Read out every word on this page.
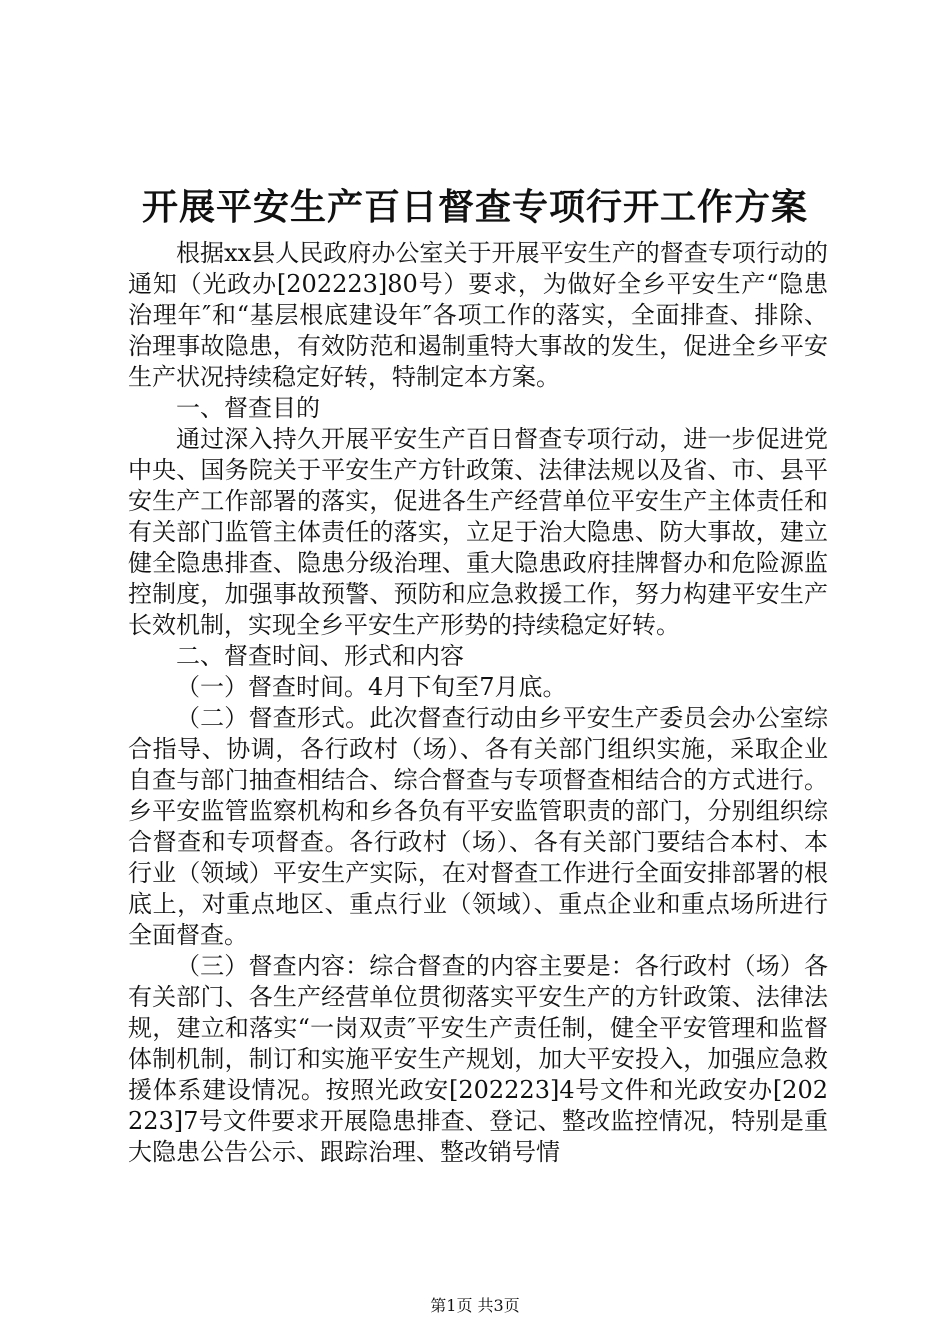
开展平安生产百日督查专项行开工作方案

根据xx县人民政府办公室关于开展平安生产的督查专项行动的通知（光政办[202223]80号）要求，为做好全乡平安生产“隐患治理年″和“基层根底建设年″各项工作的落实，全面排查、排除、治理事故隐患，有效防范和遏制重特大事故的发生，促进全乡平安生产状况持续稳定好转，特制定本方案。

一、督查目的

通过深入持久开展平安生产百日督查专项行动，进一步促进党中央、国务院关于平安生产方针政策、法律法规以及省、市、县平安生产工作部署的落实，促进各生产经营单位平安生产主体责任和有关部门监管主体责任的落实，立足于治大隐患、防大事故，建立健全隐患排查、隐患分级治理、重大隐患政府挂牌督办和危险源监控制度，加强事故预警、预防和应急救援工作，努力构建平安生产长效机制，实现全乡平安生产形势的持续稳定好转。

二、督查时间、形式和内容

（一）督查时间。4月下旬至7月底。

（二）督查形式。此次督查行动由乡平安生产委员会办公室综合指导、协调，各行政村（场）、各有关部门组织实施，采取企业自查与部门抽查相结合、综合督查与专项督查相结合的方式进行。乡平安监管监察机构和乡各负有平安监管职责的部门，分别组织综合督查和专项督查。各行政村（场）、各有关部门要结合本村、本行业（领域）平安生产实际，在对督查工作进行全面安排部署的根底上，对重点地区、重点行业（领域）、重点企业和重点场所进行全面督查。

（三）督查内容：综合督查的内容主要是：各行政村（场）各有关部门、各生产经营单位贯彻落实平安生产的方针政策、法律法规，建立和落实“一岗双责″平安生产责任制，健全平安管理和监督体制机制，制订和实施平安生产规划，加大平安投入，加强应急救援体系建设情况。按照光政安[202223]4号文件和光政安办[202223]7号文件要求开展隐患排查、登记、整改监控情况，特别是重大隐患公告公示、跟踪治理、整改销号情

第1页 共3页
